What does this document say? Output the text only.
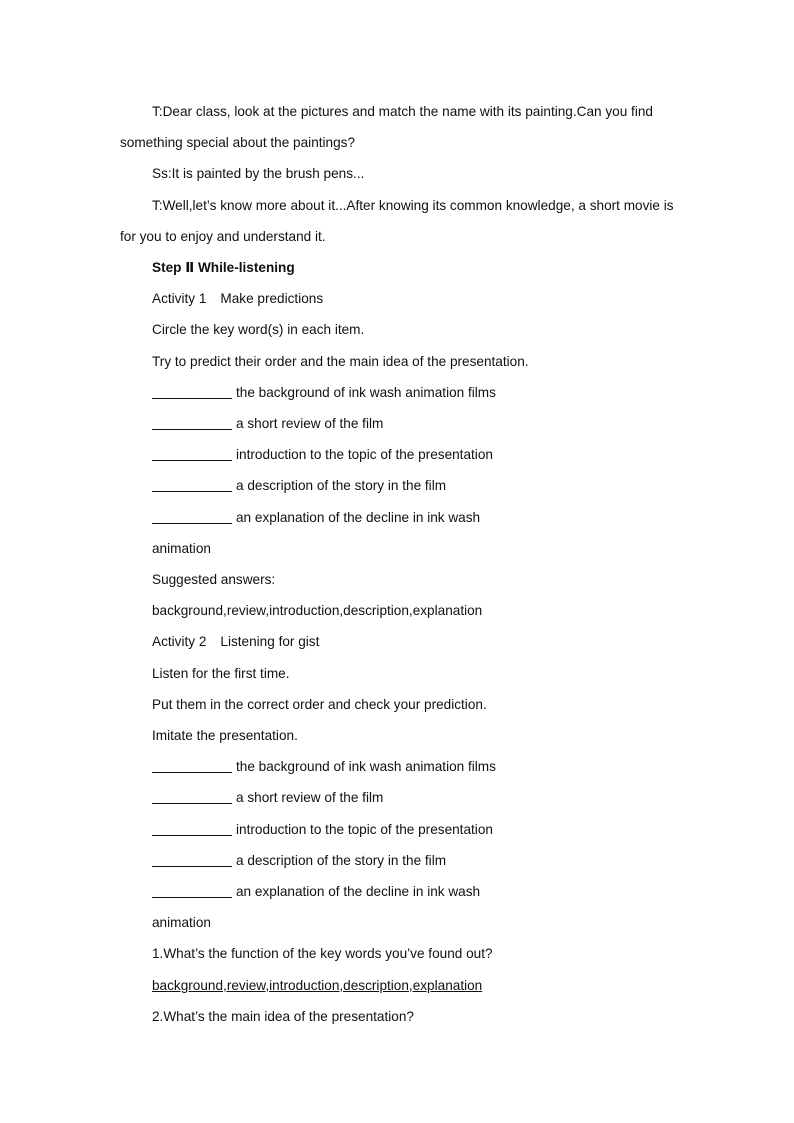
T:Dear class, look at the pictures and match the name with its painting.Can you find something special about the paintings?

Ss:It is painted by the brush pens...

T:Well,let’s know more about it...After knowing its common knowledge, a short movie is for you to enjoy and understand it.

Step Ⅱ While-listening

Activity 1 Make predictions

Circle the key word(s) in each item.

Try to predict their order and the main idea of the presentation.

the background of ink wash animation films

a short review of the film

introduction to the topic of the presentation

a description of the story in the film

an explanation of the decline in ink wash

animation

Suggested answers:

background,review,introduction,description,explanation

Activity 2 Listening for gist

Listen for the first time.

Put them in the correct order and check your prediction.

Imitate the presentation.

the background of ink wash animation films

a short review of the film

introduction to the topic of the presentation

a description of the story in the film

an explanation of the decline in ink wash

animation

1.What’s the function of the key words you’ve found out?

background,review,introduction,description,explanation

2.What’s the main idea of the presentation?
